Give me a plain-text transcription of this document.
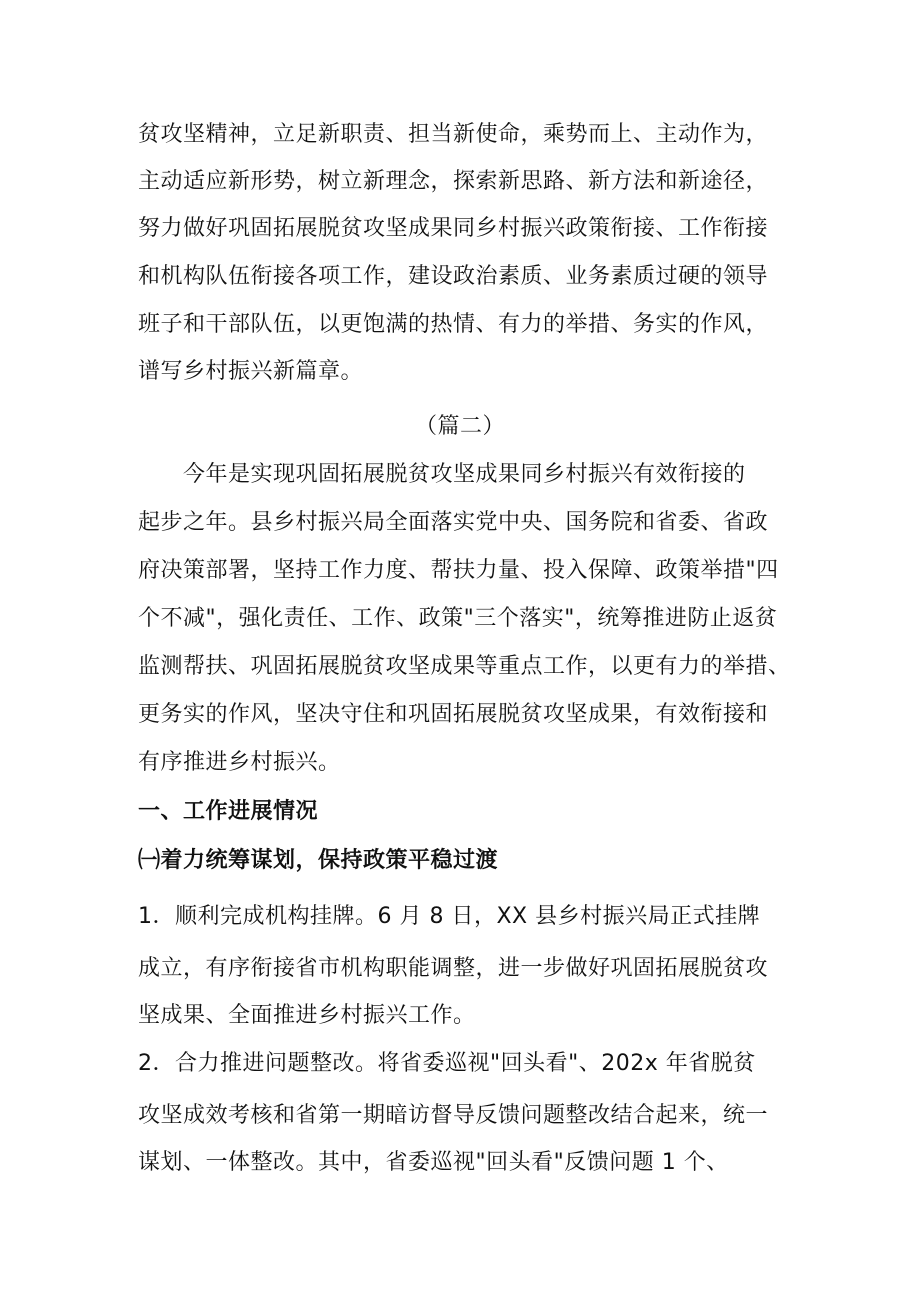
贫攻坚精神，立足新职责、担当新使命，乘势而上、主动作为，
主动适应新形势，树立新理念，探索新思路、新方法和新途径，
努力做好巩固拓展脱贫攻坚成果同乡村振兴政策衔接、工作衔接
和机构队伍衔接各项工作，建设政治素质、业务素质过硬的领导
班子和干部队伍，以更饱满的热情、有力的举措、务实的作风，
谱写乡村振兴新篇章。
（篇二）
今年是实现巩固拓展脱贫攻坚成果同乡村振兴有效衔接的
起步之年。县乡村振兴局全面落实党中央、国务院和省委、省政
府决策部署，坚持工作力度、帮扶力量、投入保障、政策举措"四
个不减"，强化责任、工作、政策"三个落实"，统筹推进防止返贫
监测帮扶、巩固拓展脱贫攻坚成果等重点工作，以更有力的举措、
更务实的作风，坚决守住和巩固拓展脱贫攻坚成果，有效衔接和
有序推进乡村振兴。
一、工作进展情况
㈠着力统筹谋划，保持政策平稳过渡
1．顺利完成机构挂牌。6 月 8 日，XX 县乡村振兴局正式挂牌
成立，有序衔接省市机构职能调整，进一步做好巩固拓展脱贫攻
坚成果、全面推进乡村振兴工作。
2．合力推进问题整改。将省委巡视"回头看"、202x 年省脱贫
攻坚成效考核和省第一期暗访督导反馈问题整改结合起来，统一
谋划、一体整改。其中，省委巡视"回头看"反馈问题 1 个、
